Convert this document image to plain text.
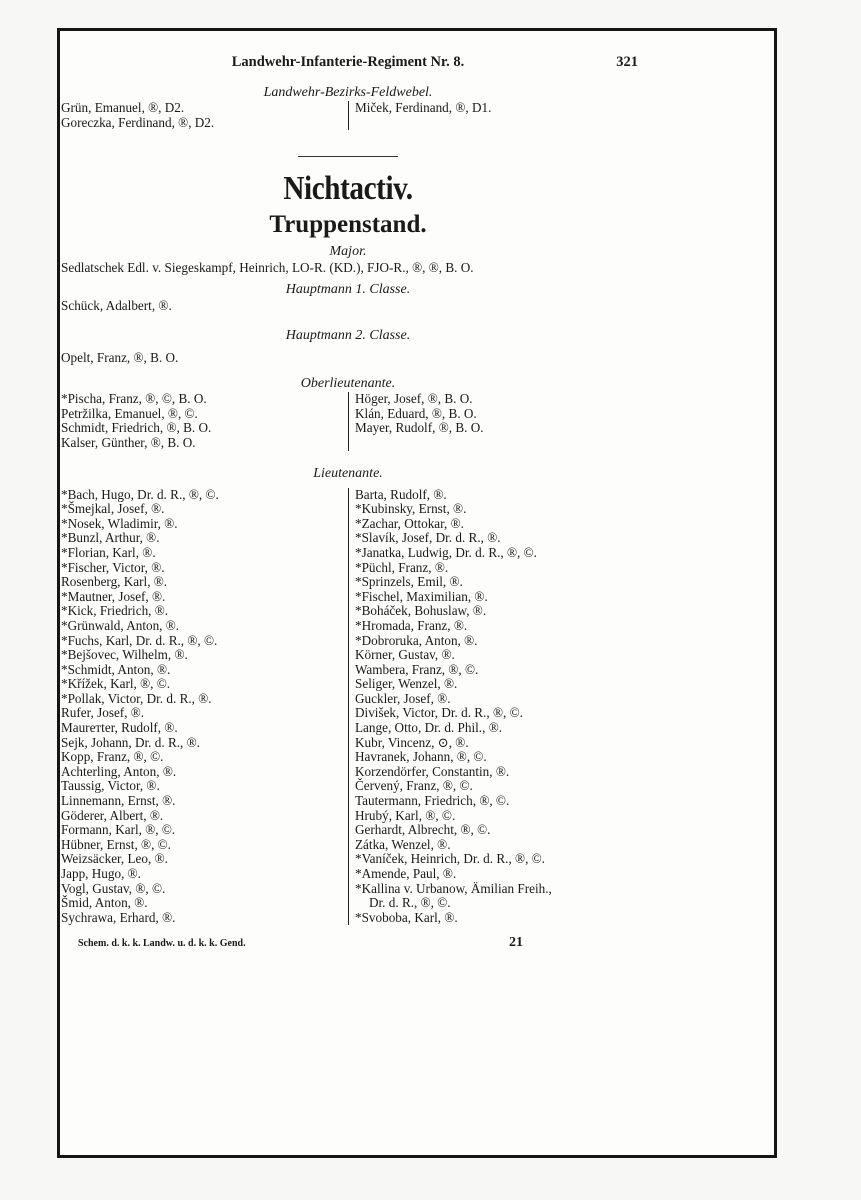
Landwehr-Infanterie-Regiment Nr. 8.	321
Landwehr-Bezirks-Feldwebel.
Grün, Emanuel, ®, D2.
Goreczka, Ferdinand, ®, D2.
Miček, Ferdinand, ®, D1.
Nichtactiv.
Truppenstand.
Major.
Sedlatschek Edl. v. Siegeskampf, Heinrich, LO-R. (KD.), FJO-R., ®, ®, B. O.
Hauptmann 1. Classe.
Schück, Adalbert, ®.
Hauptmann 2. Classe.
Opelt, Franz, ®, B. O.
Oberlieutenante.
*Pischa, Franz, ®, ©, B. O.
Petržilka, Emanuel, ®, ©.
Schmidt, Friedrich, ®, B. O.
Kalser, Günther, ®, B. O.
Höger, Josef, ®, B. O.
Klán, Eduard, ®, B. O.
Mayer, Rudolf, ®, B. O.

Lieutenante.
*Bach, Hugo, Dr. d. R., ®, ©.
*Šmejkal, Josef, ®.
*Nosek, Wladimir, ®.
*Bunzl, Arthur, ®.
*Florian, Karl, ®.
*Fischer, Victor, ®.
Rosenberg, Karl, ®.
*Mautner, Josef, ®.
*Kick, Friedrich, ®.
*Grünwald, Anton, ®.
*Fuchs, Karl, Dr. d. R., ®, ©.
*Bejšovec, Wilhelm, ®.
*Schmidt, Anton, ®.
*Křížek, Karl, ®, ©.
*Pollak, Victor, Dr. d. R., ®.
Rufer, Josef, ®.
Maurетter, Rudolf, ®.
Sejk, Johann, Dr. d. R., ®.
Kopp, Franz, ®, ©.
Achterling, Anton, ®.
Taussig, Victor, ®.
Linnemann, Ernst, ®.
Göderer, Albert, ®.
Formann, Karl, ®, ©.
Hübner, Ernst, ®, ©.
Weizsäcker, Leo, ®.
Japp, Hugo, ®.
Vogl, Gustav, ®, ©.
Šmid, Anton, ®.
Sychrawa, Erhard, ®.
Barta, Rudolf, ®.
*Kubinsky, Ernst, ®.
*Zachar, Ottokar, ®.
*Slavík, Josef, Dr. d. R., ®.
*Janatka, Ludwig, Dr. d. R., ®, ©.
*Püchl, Franz, ®.
*Sprinzels, Emil, ®.
*Fischel, Maximilian, ®.
*Boháček, Bohuslaw, ®.
*Hromada, Franz, ®.
*Dobroruka, Anton, ®.
Körner, Gustav, ®.
Wambera, Franz, ®, ©.
Seliger, Wenzel, ®.
Guckler, Josef, ®.
Divišek, Victor, Dr. d. R., ®, ©.
Lange, Otto, Dr. d. Phil., ®.
Kubr, Vincenz, ⊙, ®.
Havranek, Johann, ®, ©.
Korzendörfer, Constantin, ®.
Červený, Franz, ®, ©.
Tautermann, Friedrich, ®, ©.
Hrubý, Karl, ®, ©.
Gerhardt, Albrecht, ®, ©.
Zátka, Wenzel, ®.
*Vaníček, Heinrich, Dr. d. R., ®, ©.
*Amende, Paul, ®.
*Kallina v. Urbanow, Ämilian Freih.,
Dr. d. R., ®, ©.
*Svoboba, Karl, ®.
Schem. d. k. k. Landw. u. d. k. k. Gend.	21
